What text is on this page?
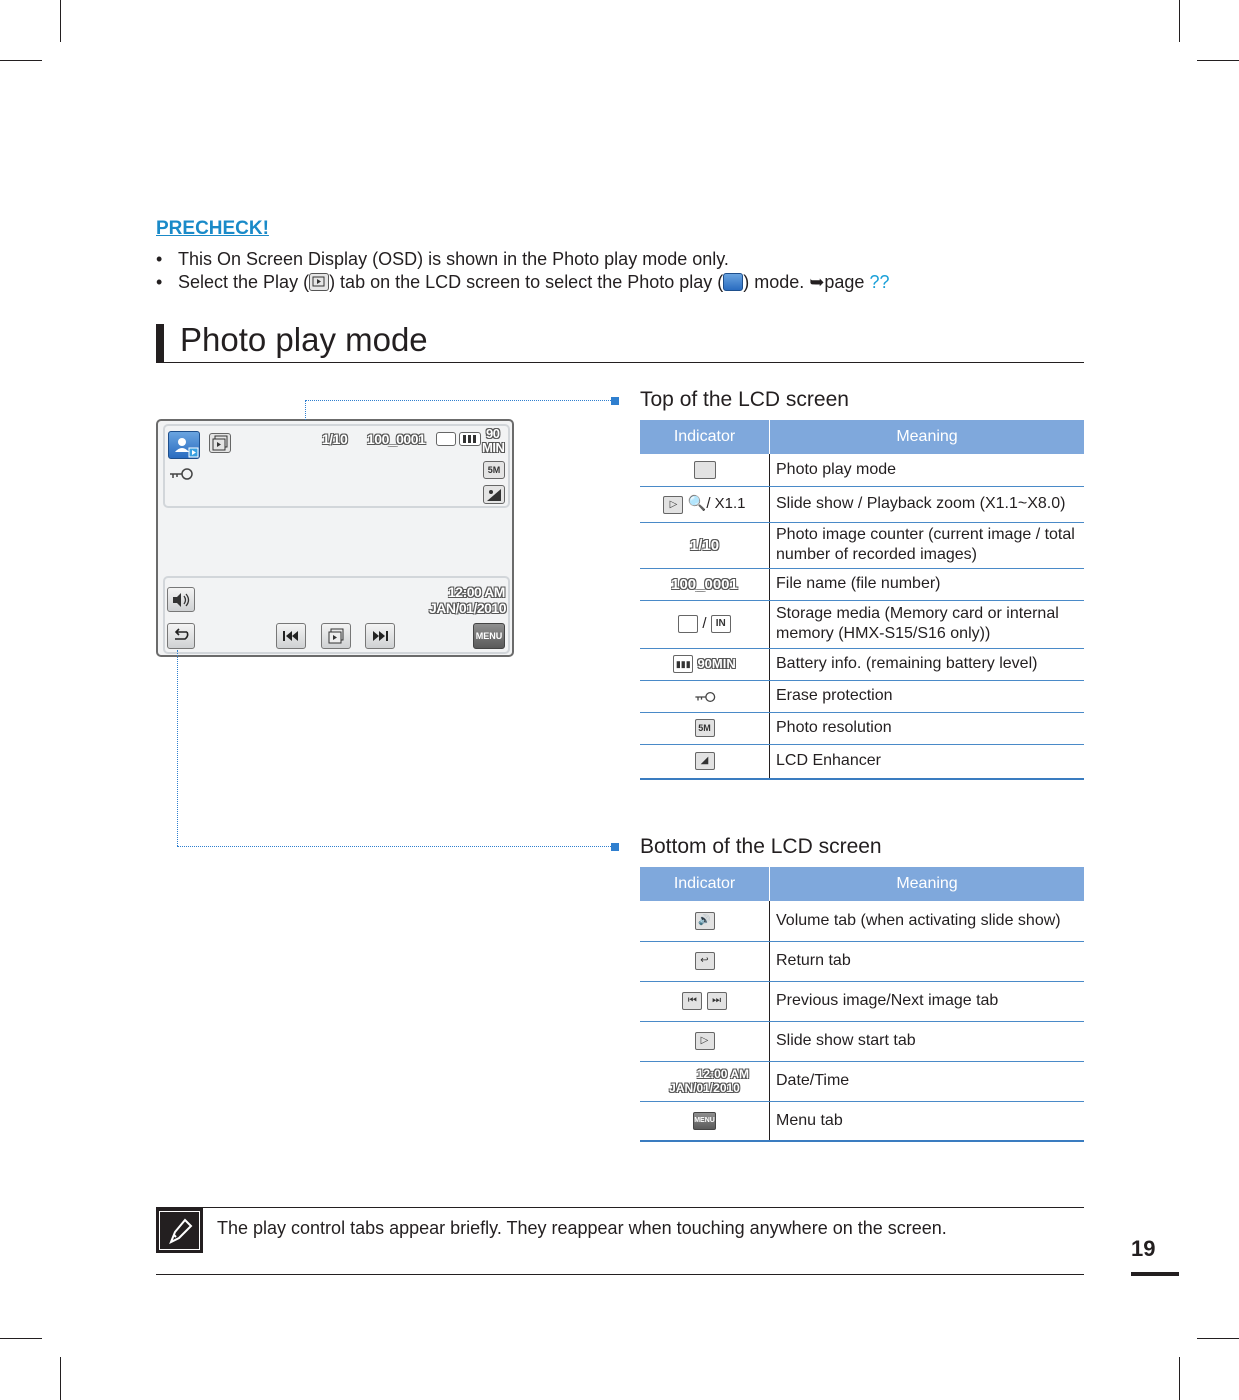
PRECHECK!
• This On Screen Display (OSD) is shown in the Photo play mode only.
• Select the Play ( ) tab on the LCD screen to select the Photo play ( ) mode. ➥page ??
Photo play mode
1/10 100_0001	90
MIN
5M
12:00 AM
JAN/01/2010
MENU
Top of the LCD screen
Indicator	Meaning
	Photo play mode
▷ 🔍/ X1.1	Slide show / Playback zoom (X1.1~X8.0)
1/10	Photo image counter (current image / total number of recorded images)
100_0001	File name (file number)
/ IN	Storage media (Memory card or internal memory (HMX-S15/S16 only))
▮▮▮ 90MIN	Battery info. (remaining battery level)
	Erase protection
5M	Photo resolution
◢	LCD Enhancer
Bottom of the LCD screen
Indicator	Meaning
🔊	Volume tab (when activating slide show)
↩	Return tab
⏮ ⏭	Previous image/Next image tab
▷	Slide show start tab

12:00 AM
JAN/01/2010	Date/Time
MENU	Menu tab
The play control tabs appear briefly. They reappear when touching anywhere on the screen.
19
